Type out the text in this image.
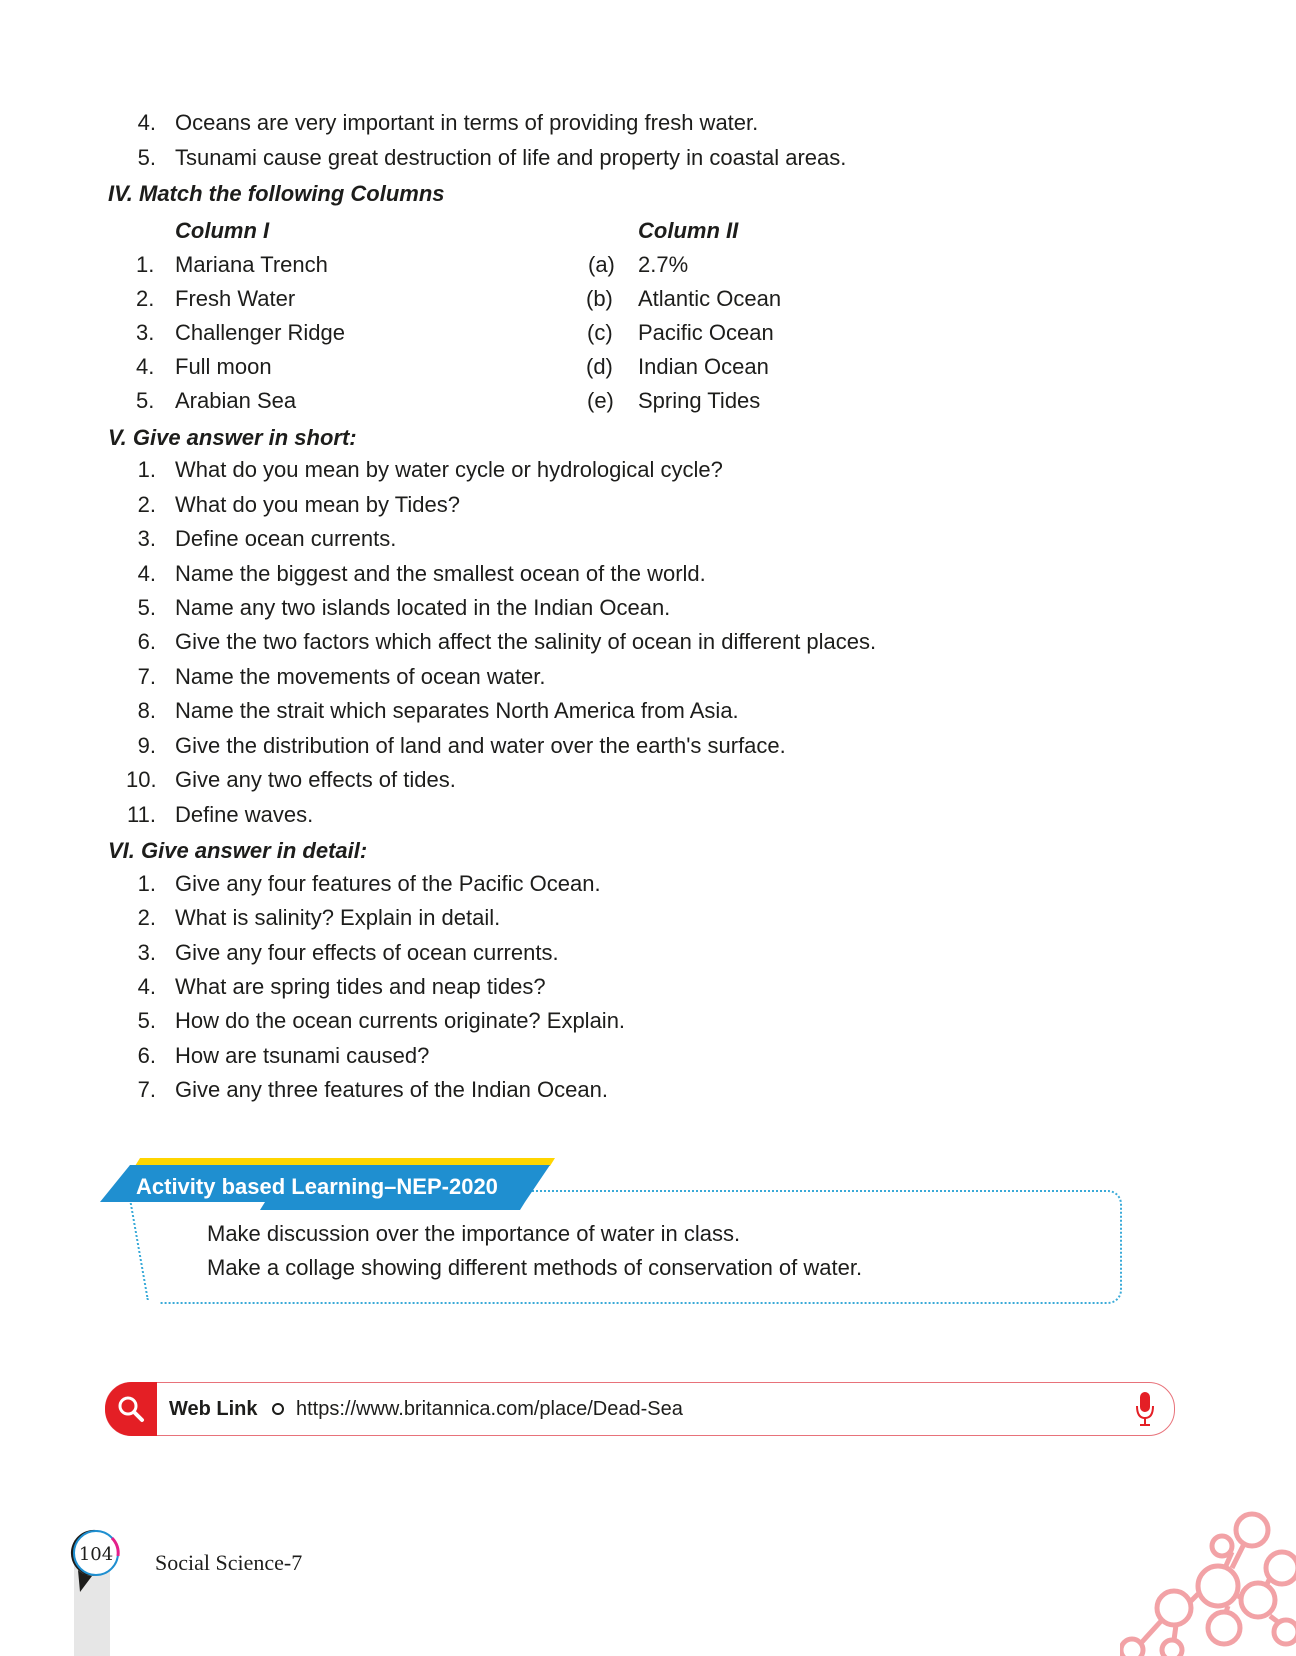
4. Oceans are very important in terms of providing fresh water.
5. Tsunami cause great destruction of life and property in coastal areas.
IV. Match the following Columns
Column I	Column II
1. Mariana Trench	(a) 2.7%
2. Fresh Water	(b) Atlantic Ocean
3. Challenger Ridge	(c) Pacific Ocean
4. Full moon	(d) Indian Ocean
5. Arabian Sea	(e) Spring Tides
V. Give answer in short:
1. What do you mean by water cycle or hydrological cycle?
2. What do you mean by Tides?
3. Define ocean currents.
4. Name the biggest and the smallest ocean of the world.
5. Name any two islands located in the Indian Ocean.
6. Give the two factors which affect the salinity of ocean in different places.
7. Name the movements of ocean water.
8. Name the strait which separates North America from Asia.
9. Give the distribution of land and water over the earth's surface.
10. Give any two effects of tides.
11. Define waves.
VI. Give answer in detail:
1. Give any four features of the Pacific Ocean.
2. What is salinity? Explain in detail.
3. Give any four effects of ocean currents.
4. What are spring tides and neap tides?
5. How do the ocean currents originate? Explain.
6. How are tsunami caused?
7. Give any three features of the Indian Ocean.
Activity based Learning–NEP-2020
Make discussion over the importance of water in class.
Make a collage showing different methods of conservation of water.
Web Link https://www.britannica.com/place/Dead-Sea
104 Social Science-7
